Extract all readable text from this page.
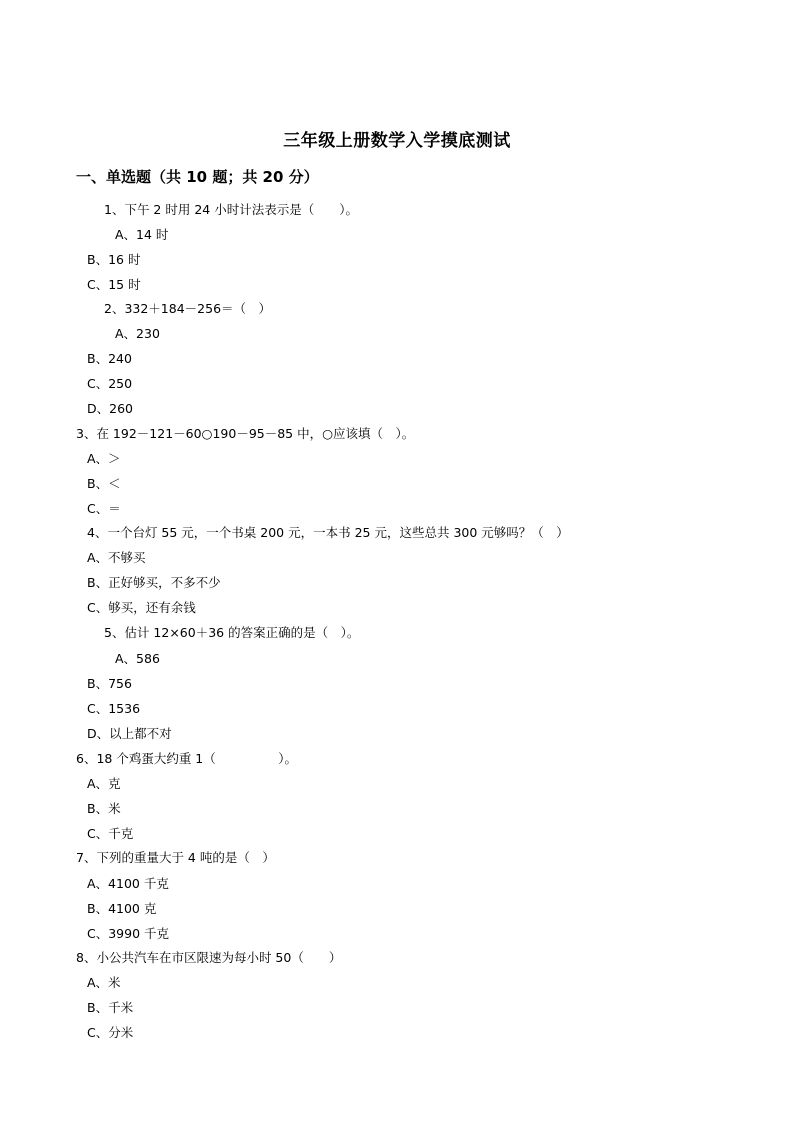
三年级上册数学入学摸底测试
一、单选题（共 10 题；共 20 分）
1、下午 2 时用 24 小时计法表示是（　　）。
A、14 时
B、16 时
C、15 时
2、332＋184－256＝（　）
A、230
B、240
C、250
D、260
3、在 192－121－60○190－95－85 中，○应该填（　）。
A、＞
B、＜
C、＝
4、一个台灯 55 元，一个书桌 200 元，一本书 25 元，这些总共 300 元够吗？（　）
A、不够买
B、正好够买，不多不少
C、够买，还有余钱
5、估计 12×60＋36 的答案正确的是（　）。
A、586
B、756
C、1536
D、以上都不对
6、18 个鸡蛋大约重 1（　　　　　）。
A、克
B、米
C、千克
7、下列的重量大于 4 吨的是（　）
A、4100 千克
B、4100 克
C、3990 千克
8、小公共汽车在市区限速为每小时 50（　　）
A、米
B、千米
C、分米
